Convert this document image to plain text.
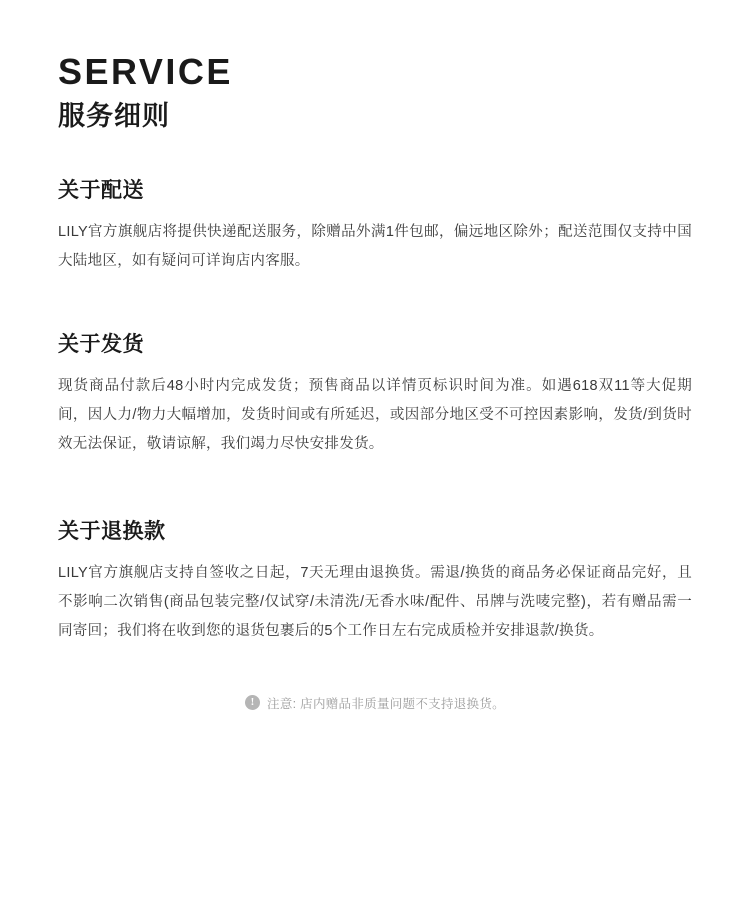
SERVICE
服务细则
关于配送

LILY官方旗舰店将提供快递配送服务，除赠品外满1件包邮，偏远地区除外；配送范围仅支持中国大陆地区，如有疑问可详询店内客服。

关于发货

现货商品付款后48小时内完成发货；预售商品以详情页标识时间为准。如遇618双11等大促期间，因人力/物力大幅增加，发货时间或有所延迟，或因部分地区受不可控因素影响，发货/到货时效无法保证，敬请谅解，我们竭力尽快安排发货。

关于退换款

LILY官方旗舰店支持自签收之日起，7天无理由退换货。需退/换货的商品务必保证商品完好，且不影响二次销售(商品包装完整/仅试穿/未清洗/无香水味/配件、吊牌与洗唛完整)，若有赠品需一同寄回；我们将在收到您的退货包裹后的5个工作日左右完成质检并安排退款/换货。

!	注意: 店内赠品非质量问题不支持退换货。
